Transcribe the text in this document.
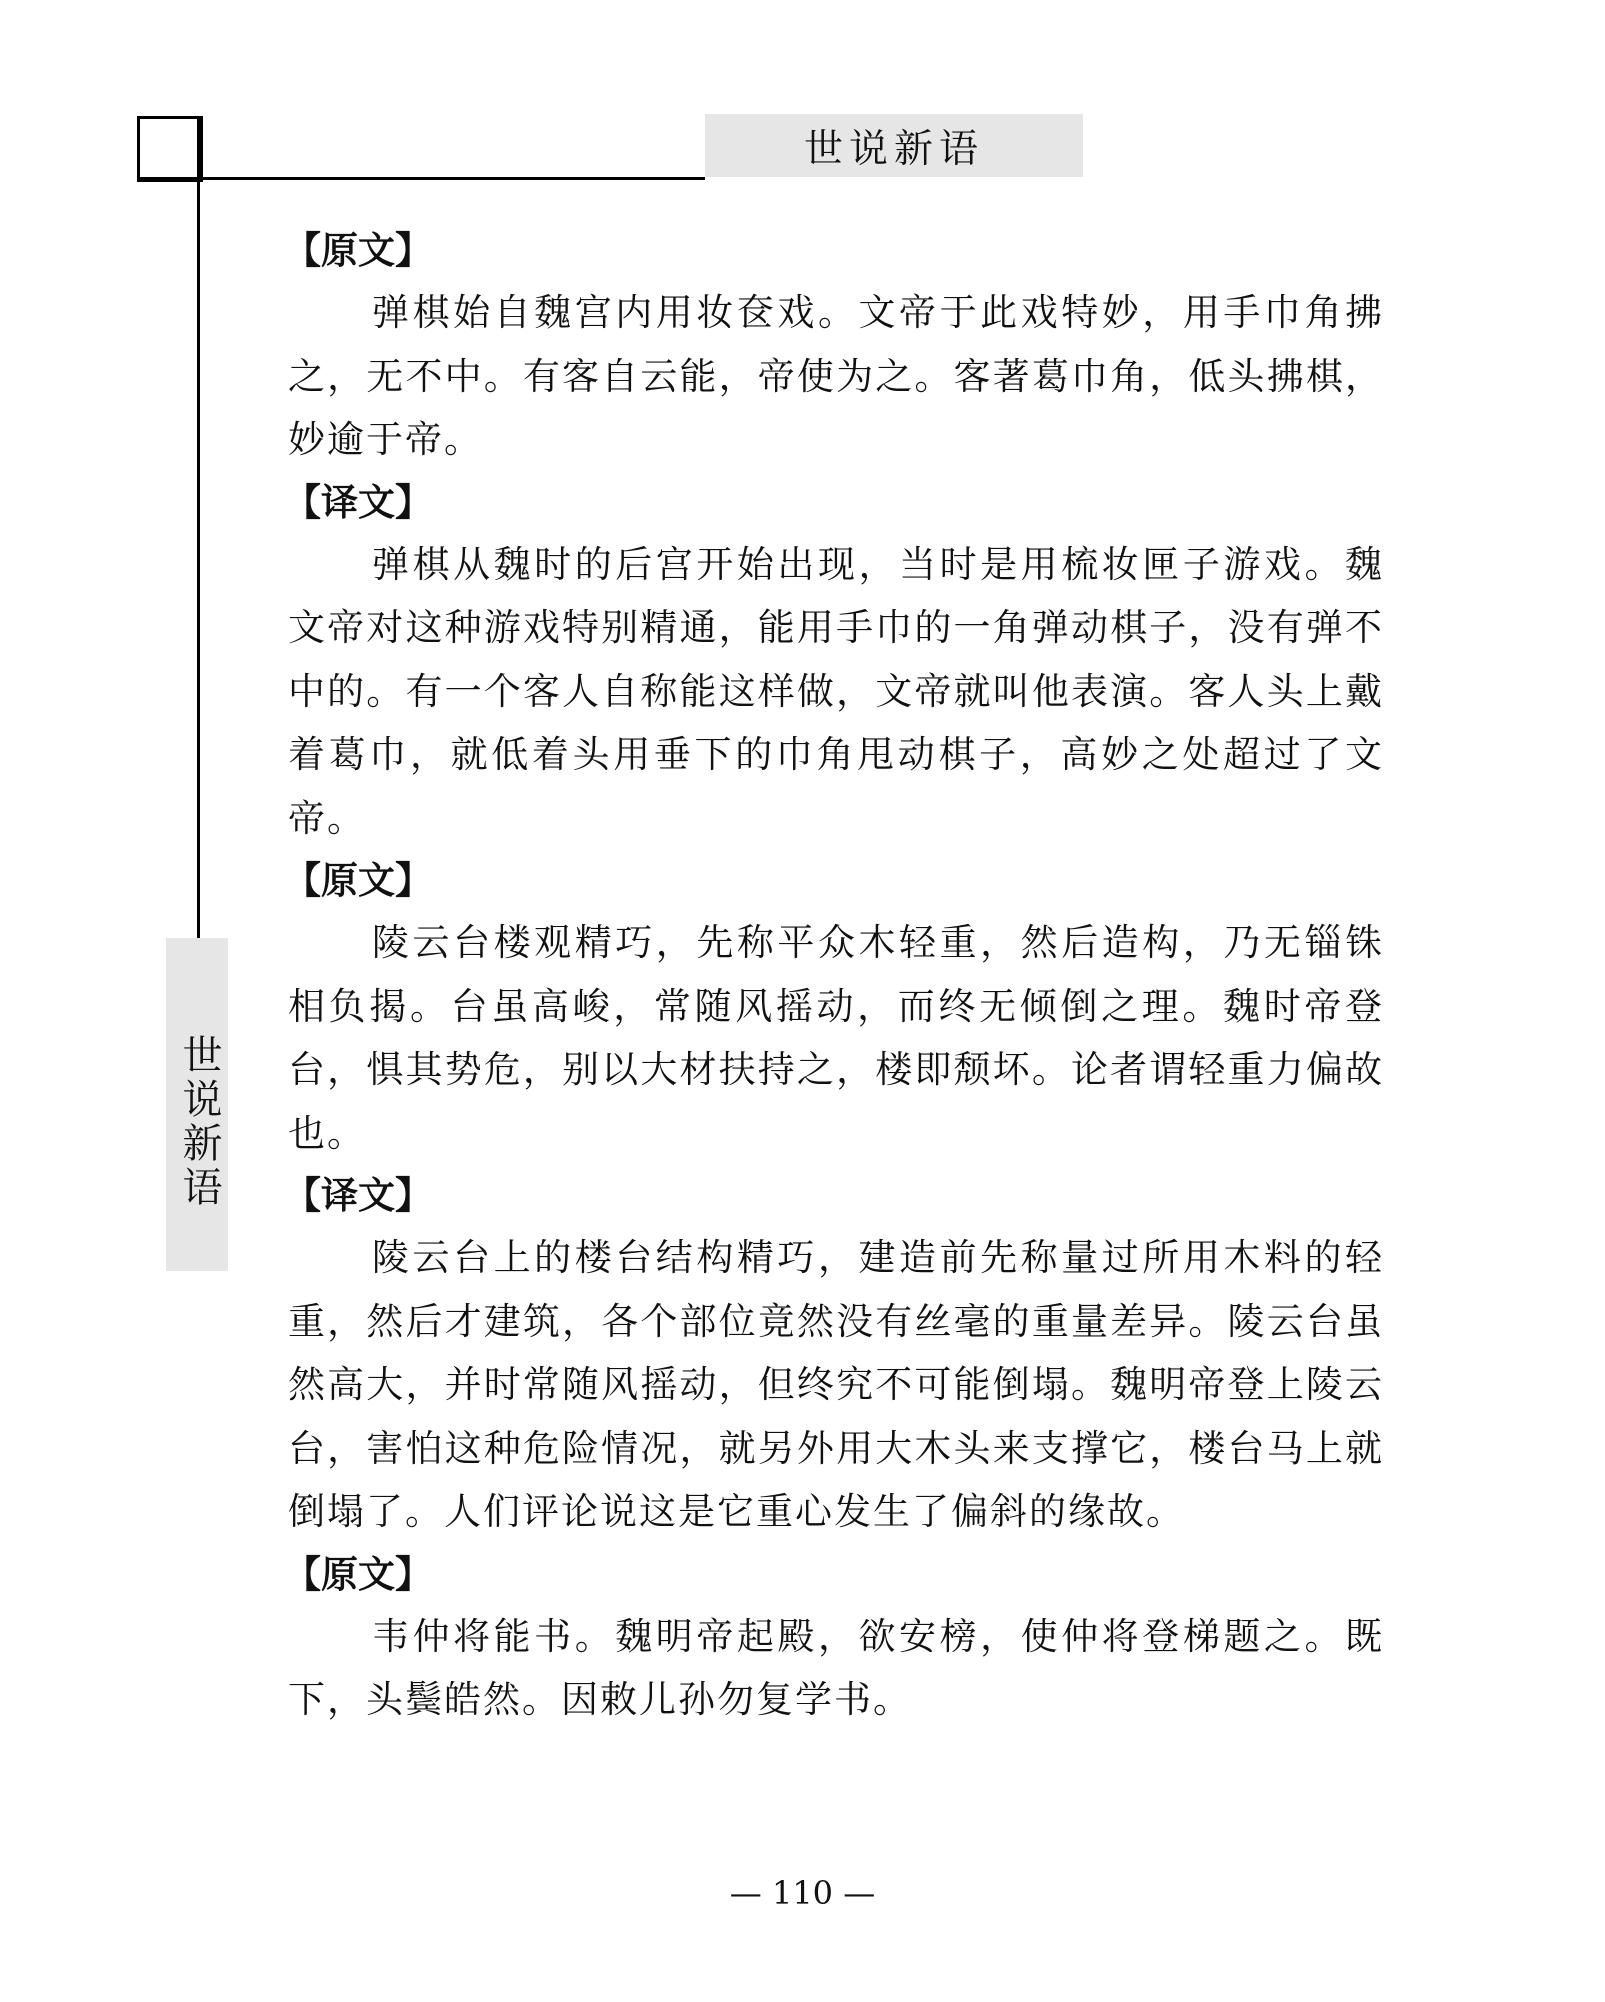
世说新语
世说新语
【原文】

弹棋始自魏宫内用妆奁戏。文帝于此戏特妙，用手巾角拂之，无不中。有客自云能，帝使为之。客著葛巾角，低头拂棋，妙逾于帝。

【译文】

弹棋从魏时的后宫开始出现，当时是用梳妆匣子游戏。魏文帝对这种游戏特别精通，能用手巾的一角弹动棋子，没有弹不中的。有一个客人自称能这样做，文帝就叫他表演。客人头上戴着葛巾，就低着头用垂下的巾角甩动棋子，高妙之处超过了文帝。

【原文】

陵云台楼观精巧，先称平众木轻重，然后造构，乃无锱铢相负揭。台虽高峻，常随风摇动，而终无倾倒之理。魏时帝登台，惧其势危，别以大材扶持之，楼即颓坏。论者谓轻重力偏故也。

【译文】

陵云台上的楼台结构精巧，建造前先称量过所用木料的轻重，然后才建筑，各个部位竟然没有丝毫的重量差异。陵云台虽然高大，并时常随风摇动，但终究不可能倒塌。魏明帝登上陵云台，害怕这种危险情况，就另外用大木头来支撑它，楼台马上就倒塌了。人们评论说这是它重心发生了偏斜的缘故。

【原文】

韦仲将能书。魏明帝起殿，欲安榜，使仲将登梯题之。既下，头鬓皓然。因敕儿孙勿复学书。

— 110 —
